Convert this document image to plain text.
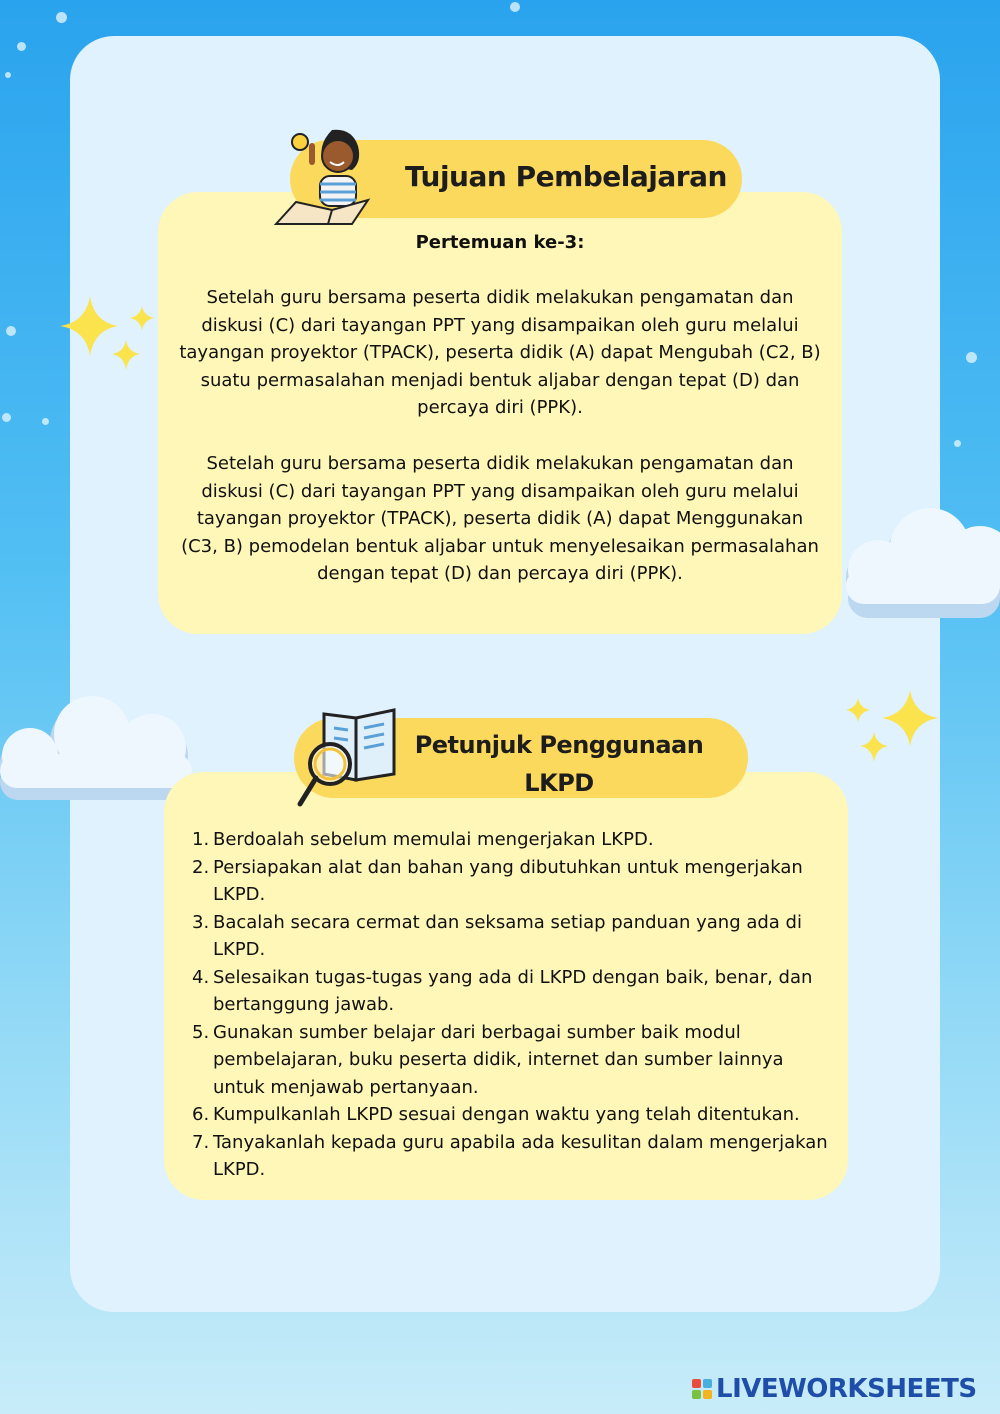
Pertemuan ke-3:
Setelah guru bersama peserta didik melakukan pengamatan dan diskusi (C) dari tayangan PPT yang disampaikan oleh guru melalui tayangan proyektor (TPACK), peserta didik (A) dapat Mengubah (C2, B) suatu permasalahan menjadi bentuk aljabar dengan tepat (D) dan percaya diri (PPK).
Setelah guru bersama peserta didik melakukan pengamatan dan diskusi (C) dari tayangan PPT yang disampaikan oleh guru melalui tayangan proyektor (TPACK), peserta didik (A) dapat Menggunakan (C3, B) pemodelan bentuk aljabar untuk menyelesaikan permasalahan dengan tepat (D) dan percaya diri (PPK).
Tujuan Pembelajaran
1. Berdoalah sebelum memulai mengerjakan LKPD.
2. Persiapakan alat dan bahan yang dibutuhkan untuk mengerjakan LKPD.
3. Bacalah secara cermat dan seksama setiap panduan yang ada di LKPD.
4. Selesaikan tugas-tugas yang ada di LKPD dengan baik, benar, dan bertanggung jawab.
5. Gunakan sumber belajar dari berbagai sumber baik modul pembelajaran, buku peserta didik, internet dan sumber lainnya untuk menjawab pertanyaan.
6. Kumpulkanlah LKPD sesuai dengan waktu yang telah ditentukan.
7. Tanyakanlah kepada guru apabila ada kesulitan dalam mengerjakan LKPD.
Petunjuk Penggunaan
LKPD
LIVEWORKSHEETS
